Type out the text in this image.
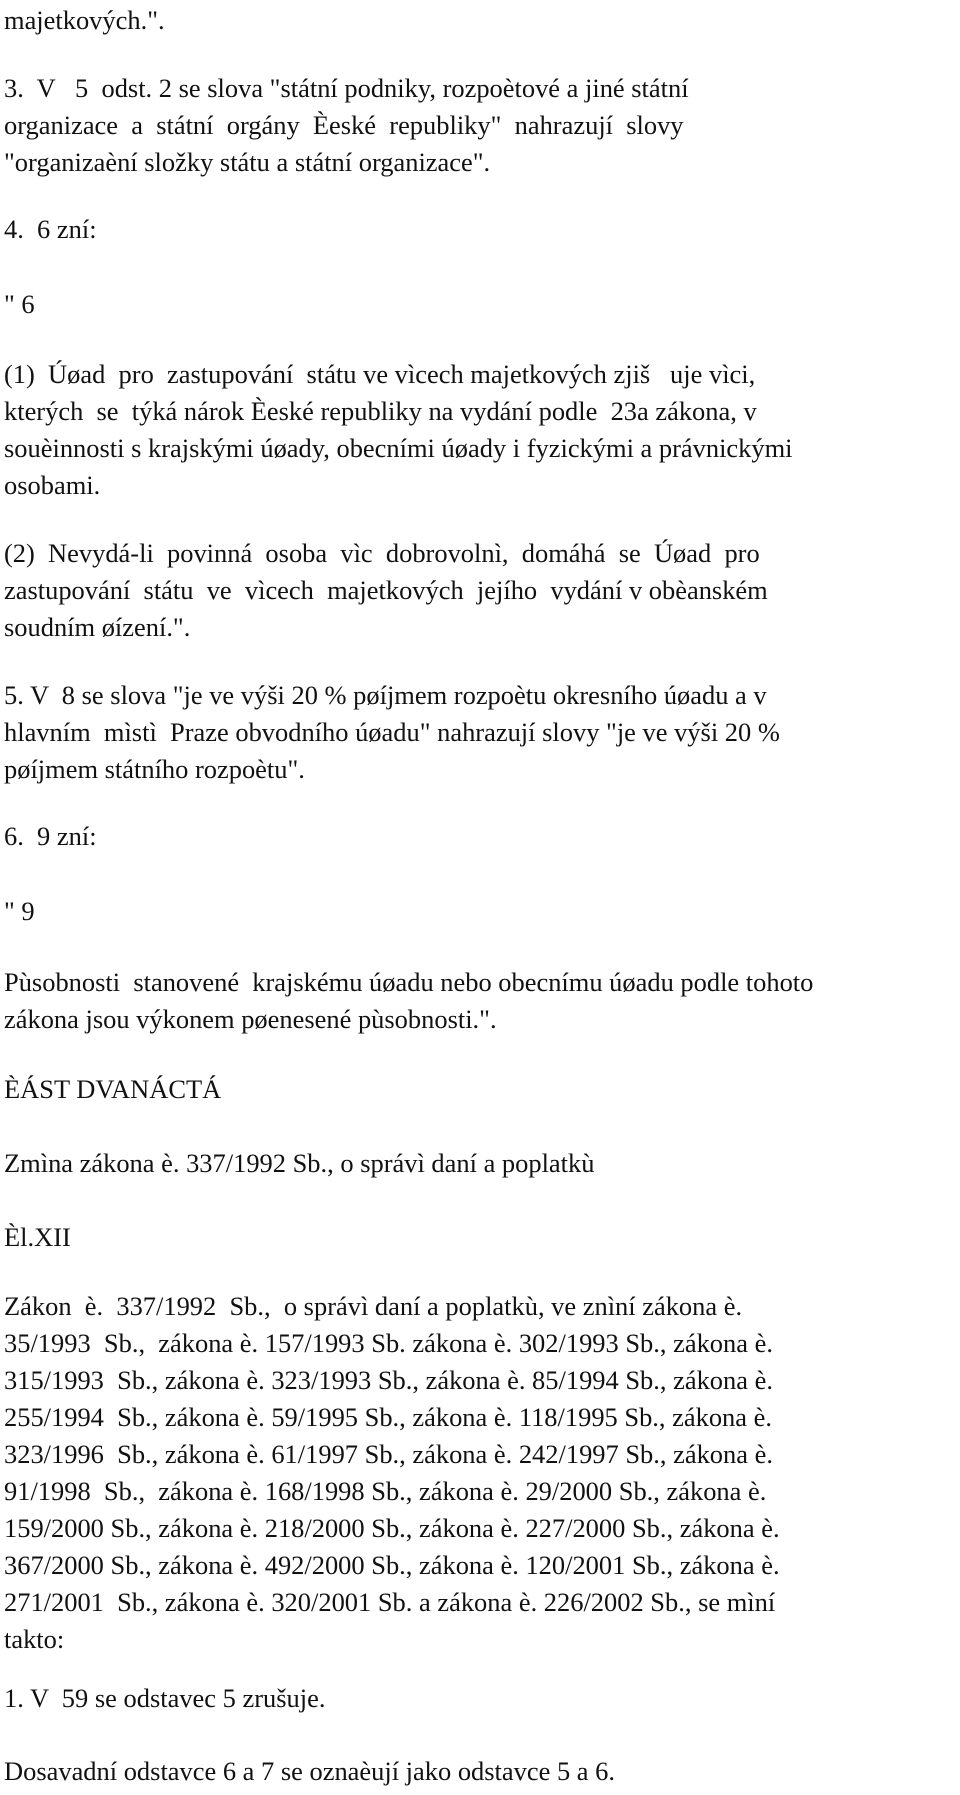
majetkových.".

3.  V   5  odst. 2 se slova "státní podniky, rozpoètové a jiné státní
organizace  a  státní  orgány  Èeské  republiky"  nahrazují  slovy
"organizaèní složky státu a státní organizace".

4.  6 zní:

" 6

(1)  Úøad  pro  zastupování  státu ve vìcech majetkových zjiš   uje vìci,
kterých  se  týká nárok Èeské republiky na vydání podle  23a zákona, v
souèinnosti s krajskými úøady, obecními úøady i fyzickými a právnickými
osobami.

(2)  Nevydá-li  povinná  osoba  vìc  dobrovolnì,  domáhá  se  Úøad  pro
zastupování  státu  ve  vìcech  majetkových  jejího  vydání v obèanském
soudním øízení.".

5. V  8 se slova "je ve výši 20 % pøíjmem rozpoètu okresního úøadu a v
hlavním  mìstì  Praze obvodního úøadu" nahrazují slovy "je ve výši 20 %
pøíjmem státního rozpoètu".

6.  9 zní:

" 9

Pùsobnosti  stanovené  krajskému úøadu nebo obecnímu úøadu podle tohoto
zákona jsou výkonem pøenesené pùsobnosti.".

ÈÁST DVANÁCTÁ

Zmìna zákona è. 337/1992 Sb., o správì daní a poplatkù

Èl.XII

Zákon  è.  337/1992  Sb.,  o správì daní a poplatkù, ve znìní zákona è.
35/1993  Sb.,  zákona è. 157/1993 Sb. zákona è. 302/1993 Sb., zákona è.
315/1993  Sb., zákona è. 323/1993 Sb., zákona è. 85/1994 Sb., zákona è.
255/1994  Sb., zákona è. 59/1995 Sb., zákona è. 118/1995 Sb., zákona è.
323/1996  Sb., zákona è. 61/1997 Sb., zákona è. 242/1997 Sb., zákona è.
91/1998  Sb.,  zákona è. 168/1998 Sb., zákona è. 29/2000 Sb., zákona è.
159/2000 Sb., zákona è. 218/2000 Sb., zákona è. 227/2000 Sb., zákona è.
367/2000 Sb., zákona è. 492/2000 Sb., zákona è. 120/2001 Sb., zákona è.
271/2001  Sb., zákona è. 320/2001 Sb. a zákona è. 226/2002 Sb., se mìní
takto:

1. V  59 se odstavec 5 zrušuje.

Dosavadní odstavce 6 a 7 se oznaèují jako odstavce 5 a 6.
